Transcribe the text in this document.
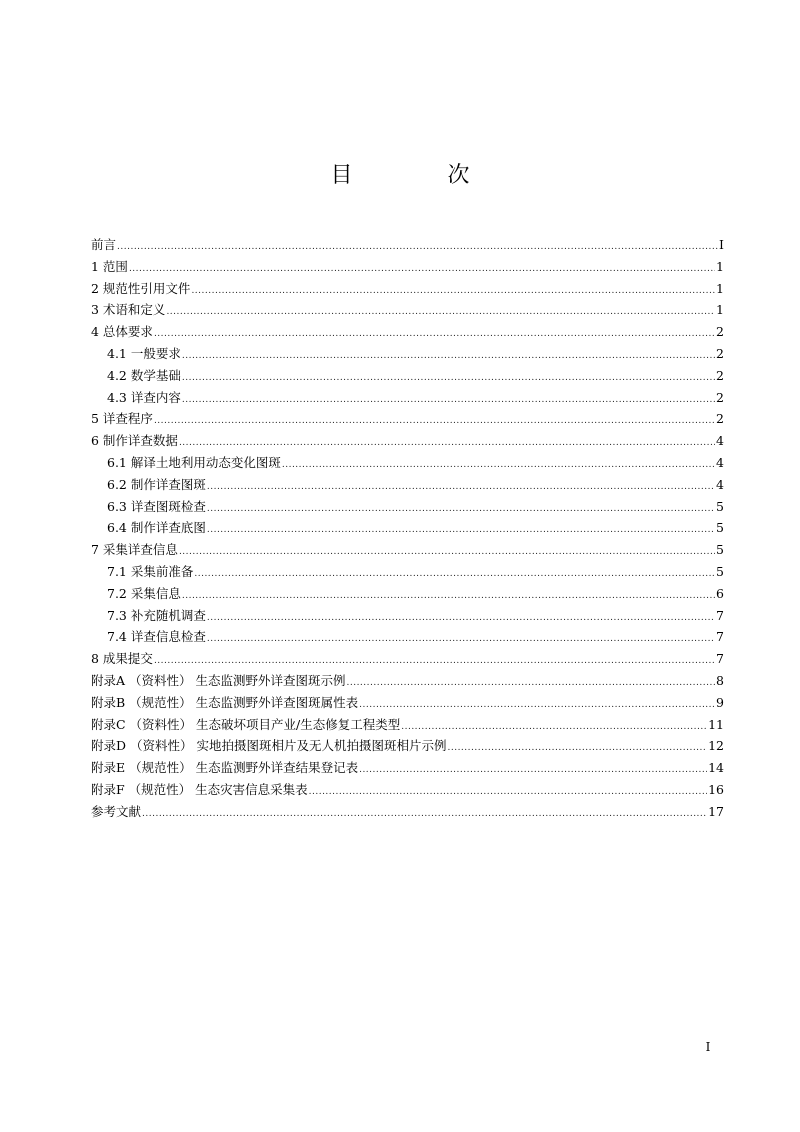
目 次
前言 .....	I
1 范围 .....	1
2 规范性引用文件 .....	1
3 术语和定义 .....	1
4 总体要求 .....	2
4.1 一般要求 .....	2
4.2 数学基础 .....	2
4.3 详查内容 .....	2
5 详查程序 .....	2
6 制作详查数据 .....	4
6.1 解译土地利用动态变化图斑 .....	4
6.2 制作详查图斑 .....	4
6.3 详查图斑检查 .....	5
6.4 制作详查底图 .....	5
7 采集详查信息 .....	5
7.1 采集前准备 .....	5
7.2 采集信息 .....	6
7.3 补充随机调查 .....	7
7.4 详查信息检查 .....	7
8 成果提交 .....	7
附录A （资料性） 生态监测野外详查图斑示例 .....	8
附录B （规范性） 生态监测野外详查图斑属性表 .....	9
附录C （资料性） 生态破坏项目产业/生态修复工程类型 .....	11
附录D （资料性） 实地拍摄图斑相片及无人机拍摄图斑相片示例 .....	12
附录E （规范性） 生态监测野外详查结果登记表 .....	14
附录F （规范性） 生态灾害信息采集表 .....	16
参考文献 .....	17
I
